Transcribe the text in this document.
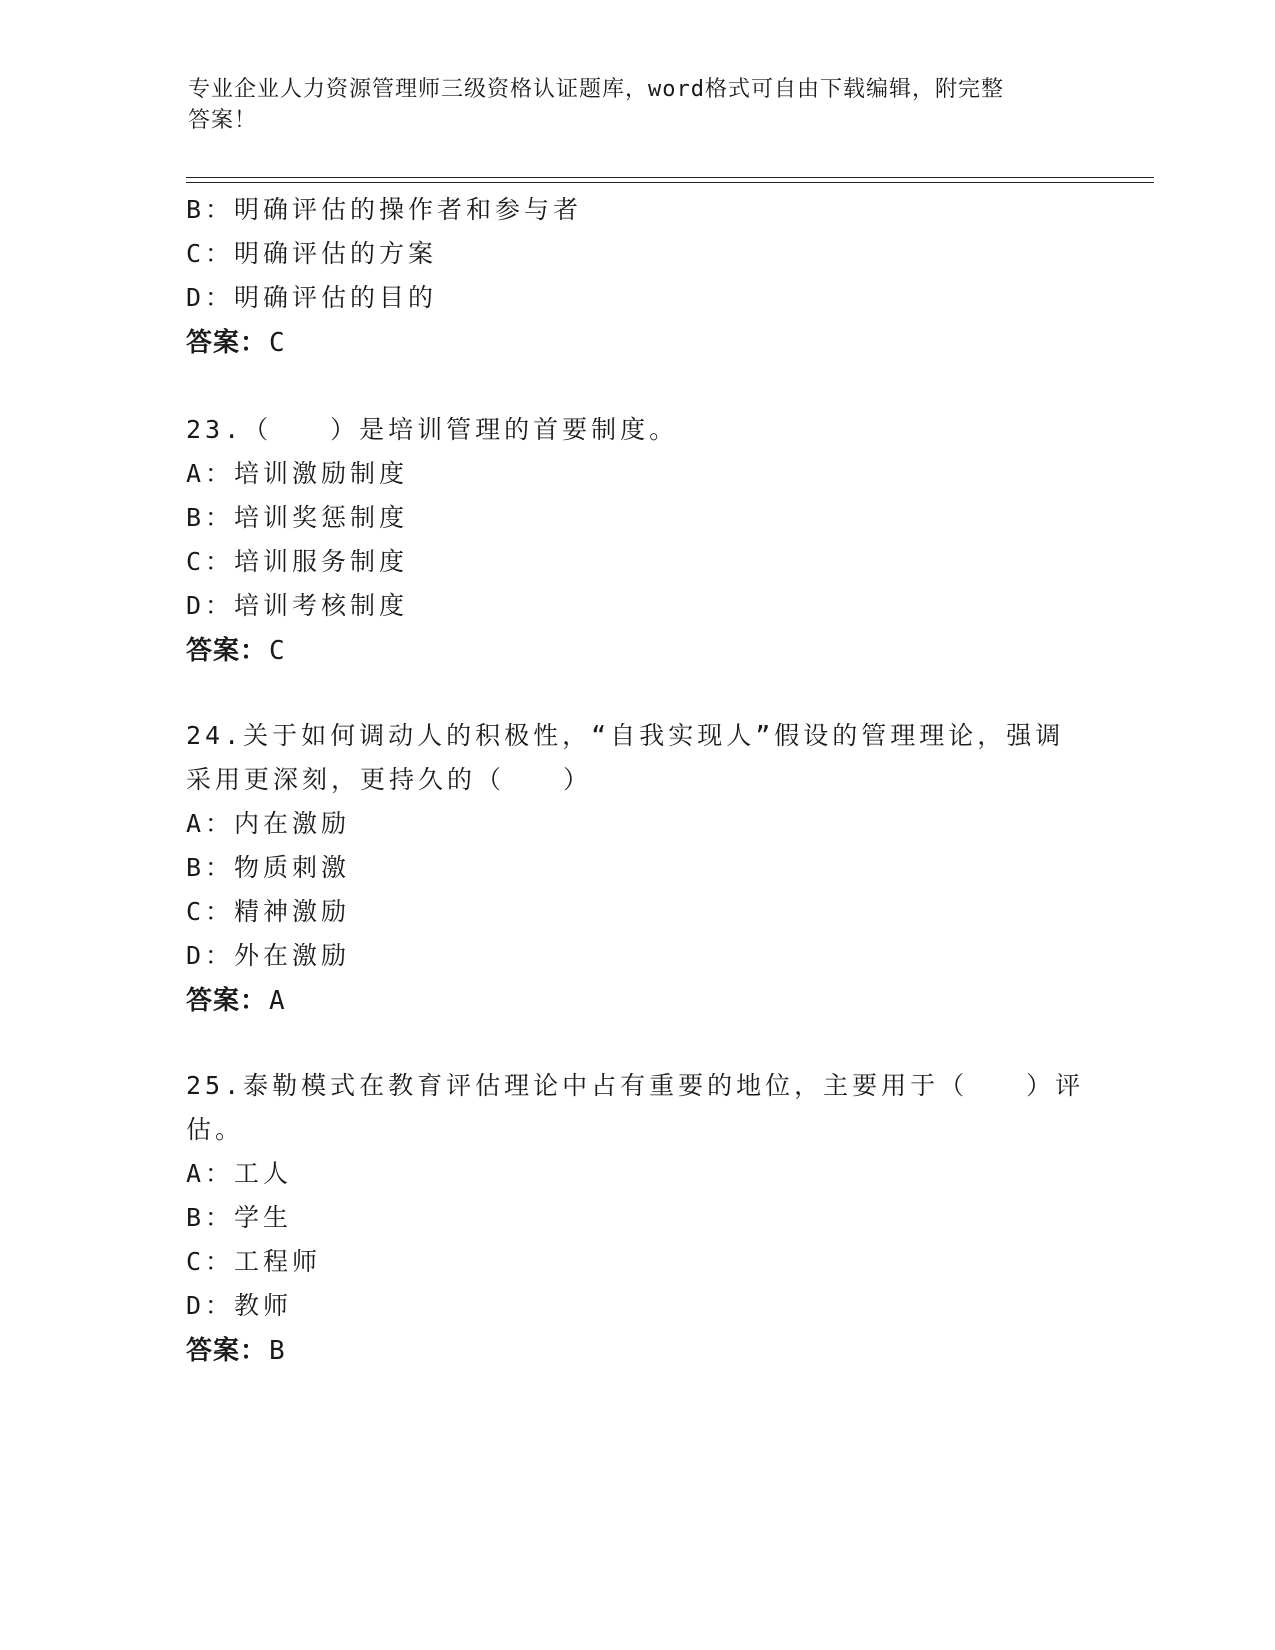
专业企业人力资源管理师三级资格认证题库，word格式可自由下载编辑，附完整
答案！
B：明确评估的操作者和参与者
C：明确评估的方案
D：明确评估的目的
答案：C
23.（　　）是培训管理的首要制度。
A：培训激励制度
B：培训奖惩制度
C：培训服务制度
D：培训考核制度
答案：C
24.关于如何调动人的积极性，“自我实现人”假设的管理理论，强调
采用更深刻，更持久的（　　）
A：内在激励
B：物质刺激
C：精神激励
D：外在激励
答案：A
25.泰勒模式在教育评估理论中占有重要的地位，主要用于（　　）评
估。
A：工人
B：学生
C：工程师
D：教师
答案：B
